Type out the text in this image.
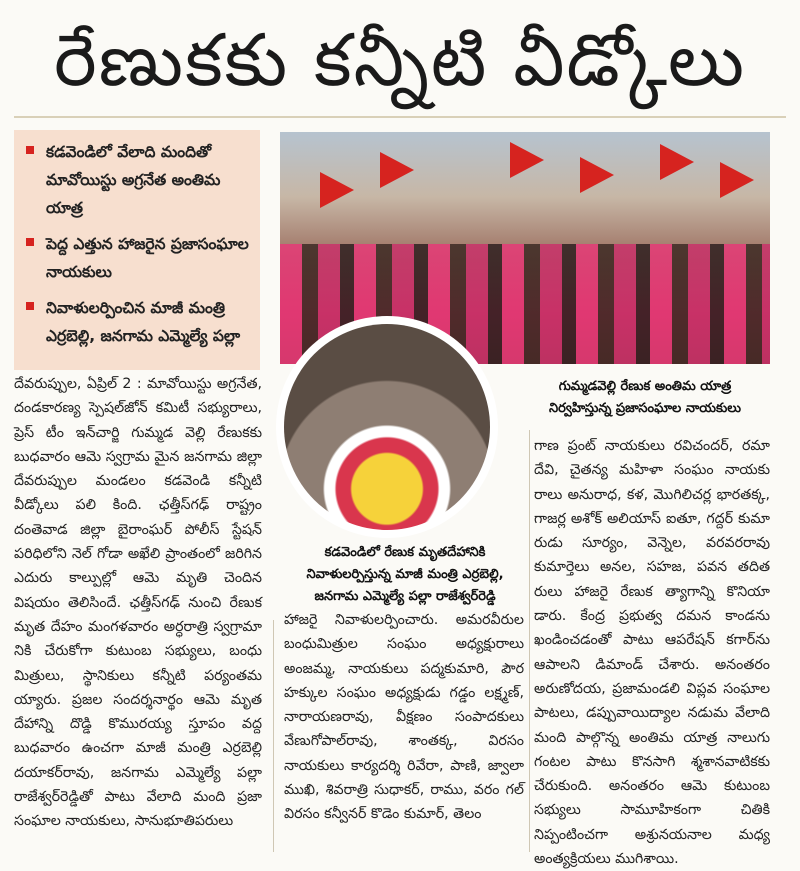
రేణుకకు కన్నీటి వీడ్కోలు
కడవెండిలో వేలాది మందితో మావోయిస్టు అగ్రనేత అంతిమ యాత్ర
పెద్ద ఎత్తున హాజరైన ప్రజాసంఘాల నాయకులు
నివాళులర్పించిన మాజీ మంత్రి ఎర్రబెల్లి, జనగామ ఎమ్మెల్యే పల్లా
గుమ్మడవెల్లి రేణుక అంతిమ యాత్ర
నిర్వహిస్తున్న ప్రజాసంఘాల నాయకులు
కడవెండిలో రేణుక మృతదేహానికి
నివాళులర్పిస్తున్న మాజీ మంత్రి ఎర్రబెల్లి,
జనగామ ఎమ్మెల్యే పల్లా రాజేశ్వర్‌రెడ్డి

దేవరుప్పుల, ఏప్రిల్ 2 : మావోయిస్టు అగ్రనేత, దండకారణ్య స్పెషల్‌జోన్ కమిటీ సభ్యురాలు, ప్రెస్ టీం ఇన్‌చార్జి గుమ్మడ వెల్లి రేణుకకు బుధవారం ఆమె స్వగ్రామ మైన జనగామ జిల్లా దేవరుప్పుల మండలం కడవెండి కన్నీటి వీడ్కోలు పలి కింది. ఛత్తీస్‌గఢ్ రాష్ట్రం దంతెవాడ జిల్లా బైరాంఘర్ పోలీస్ స్టేషన్ పరిధిలోని నెల్ గోడా అఖేలి ప్రాంతంలో జరిగిన ఎదురు కాల్పుల్లో ఆమె మృతి చెందిన విషయం తెలిసిందే. ఛత్తీస్‌గఢ్ నుంచి రేణుక మృత దేహం మంగళవారం అర్ధరాత్రి స్వగ్రామా నికి చేరుకోగా కుటుంబ సభ్యులు, బంధు మిత్రులు, స్థానికులు కన్నీటి పర్యంతమ య్యారు. ప్రజల సందర్శనార్థం ఆమె మృత దేహాన్ని దొడ్డి కొమురయ్య స్తూపం వద్ద బుధవారం ఉంచగా మాజీ మంత్రి ఎర్రబెల్లి దయాకర్‌రావు, జనగామ ఎమ్మెల్యే పల్లా రాజేశ్వర్‌రెడ్డితో పాటు వేలాది మంది ప్రజా సంఘాల నాయకులు, సానుభూతిపరులు

హాజరై నివాళులర్పించారు. అమరవీరుల బంధుమిత్రుల సంఘం అధ్యక్షురాలు అంజమ్మ, నాయకులు పద్మకుమారి, పౌర హక్కుల సంఘం అధ్యక్షుడు గడ్డం లక్ష్మణ్, నారాయణరావు, వీక్షణం సంపాదకులు వేణుగోపాల్‌రావు, శాంతక్క, విరసం నాయకులు కార్యదర్శి రివేరా, పాణి, జ్వాలా ముఖి, శివరాత్రి సుధాకర్, రాము, వరం గల్ విరసం కన్వీనర్ కొడెం కుమార్, తెలం

గాణ ప్రంట్ నాయకులు రవిచందర్, రమా దేవి, చైతన్య మహిళా సంఘం నాయకు రాలు అనురాధ, కళ, మొగిలిచర్ల భారతక్క, గాజర్ల అశోక్ అలియాస్ ఐతూ, గద్దర్ కుమా రుడు సూర్యం, వెన్నెల, వరవరరావు కుమార్తెలు అనల, సహజ, పవన తదిత రులు హాజరై రేణుక త్యాగాన్ని కొనియా డారు. కేంద్ర ప్రభుత్వ దమన కాండను ఖండించడంతో పాటు ఆపరేషన్ కగార్‌ను ఆపాలని డిమాండ్ చేశారు. అనంతరం అరుణోదయ, ప్రజామండలి విప్లవ సంఘాల పాటలు, డప్పువాయిద్యాల నడుమ వేలాది మంది పాల్గొన్న అంతిమ యాత్ర నాలుగు గంటల పాటు కొనసాగి శ్మశానవాటికకు చేరుకుంది. అనంతరం ఆమె కుటుంబ సభ్యులు సామూహికంగా చితికి నిప్పంటించగా అశ్రునయనాల మధ్య అంత్యక్రియలు ముగిశాయి.
